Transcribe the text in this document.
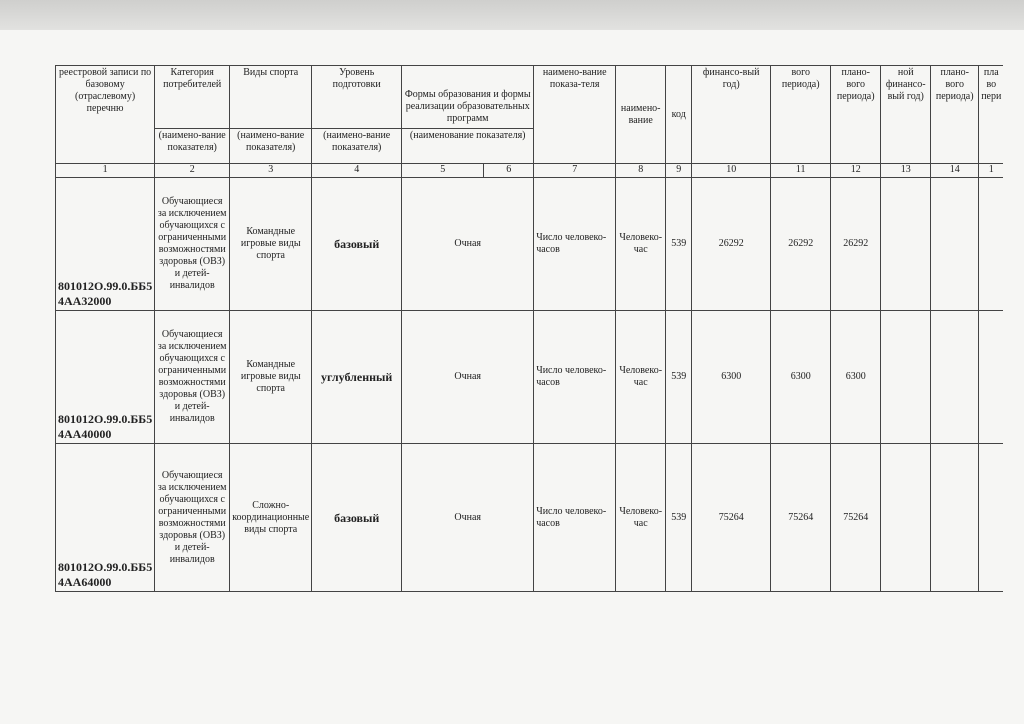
реестровой записи по базовому (отраслевому) перечню	Категория потребителей	Виды спорта	Уровень подготовки	Формы образования и формы реализации образовательных программ		наимено-вание показа-теля	наимено-вание	код	финансо-вый год)	вого периода)	плано-вого периода)	ной финансо-вый год)	плано-вого периода)	пла во пери
	(наимено-вание показателя)	(наимено-вание показателя)	(наимено-вание показателя)	(наименование показателя)										
1	2	3	4	5	6	7	8	9	10	11	12	13	14	1
801012О.99.0.ББ5 4АА32000	Обучающиеся за исключением обучающихся с ограниченными возможностями здоровья (ОВЗ) и детей-инвалидов	Командные игровые виды спорта	базовый	Очная		Число человеко-часов	Человеко-час	539	26292	26292	26292			
801012О.99.0.ББ5 4АА40000	Обучающиеся за исключением обучающихся с ограниченными возможностями здоровья (ОВЗ) и детей-инвалидов	Командные игровые виды спорта	углубленный	Очная		Число человеко-часов	Человеко-час	539	6300	6300	6300			
801012О.99.0.ББ5 4АА64000	Обучающиеся за исключением обучающихся с ограниченными возможностями здоровья (ОВЗ) и детей-инвалидов	Сложно-координационные виды спорта	базовый	Очная		Число человеко-часов	Человеко-час	539	75264	75264	75264			
